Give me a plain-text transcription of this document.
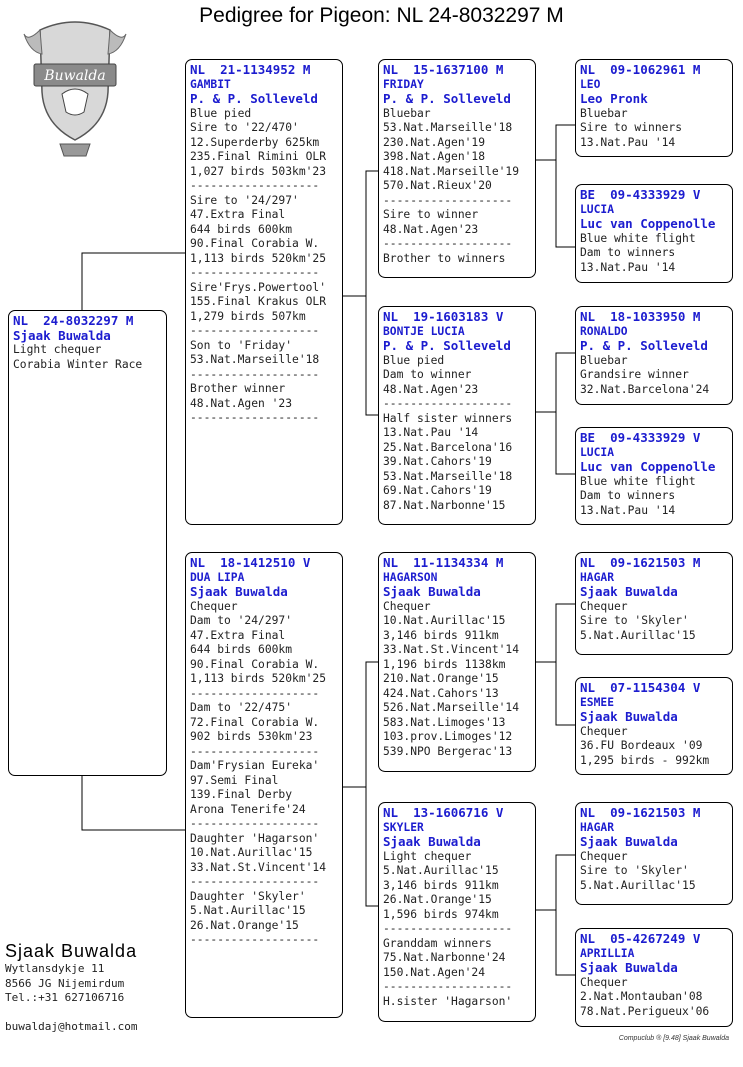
Pedigree for Pigeon: NL 24-8032297 M
Buwalda
NL  24-8032297 M
Sjaak Buwalda
Light chequer
Corabia Winter Race
NL  21-1134952 M
GAMBIT
P. & P. Solleveld
Blue pied
Sire to '22/470'
12.Superderby 625km
235.Final Rimini OLR
1,027 birds 503km'23
-------------------
Sire to '24/297'
47.Extra Final
644 birds 600km
90.Final Corabia W.
1,113 birds 520km'25
-------------------
Sire'Frys.Powertool'
155.Final Krakus OLR
1,279 birds 507km
-------------------
Son to 'Friday'
53.Nat.Marseille'18
-------------------
Brother winner
48.Nat.Agen '23
-------------------
NL  18-1412510 V
DUA LIPA
Sjaak Buwalda
Chequer
Dam to '24/297'
47.Extra Final
644 birds 600km
90.Final Corabia W.
1,113 birds 520km'25
-------------------
Dam to '22/475'
72.Final Corabia W.
902 birds 530km'23
-------------------
Dam'Frysian Eureka'
97.Semi Final
139.Final Derby
Arona Tenerife'24
-------------------
Daughter 'Hagarson'
10.Nat.Aurillac'15
33.Nat.St.Vincent'14
-------------------
Daughter 'Skyler'
5.Nat.Aurillac'15
26.Nat.Orange'15
-------------------
NL  15-1637100 M
FRIDAY
P. & P. Solleveld
Bluebar
53.Nat.Marseille'18
230.Nat.Agen'19
398.Nat.Agen'18
418.Nat.Marseille'19
570.Nat.Rieux'20
-------------------
Sire to winner
48.Nat.Agen'23
-------------------
Brother to winners
NL  19-1603183 V
BONTJE LUCIA
P. & P. Solleveld
Blue pied
Dam to winner
48.Nat.Agen'23
-------------------
Half sister winners
13.Nat.Pau '14
25.Nat.Barcelona'16
39.Nat.Cahors'19
53.Nat.Marseille'18
69.Nat.Cahors'19
87.Nat.Narbonne'15
NL  11-1134334 M
HAGARSON
Sjaak Buwalda
Chequer
10.Nat.Aurillac'15
3,146 birds 911km
33.Nat.St.Vincent'14
1,196 birds 1138km
210.Nat.Orange'15
424.Nat.Cahors'13
526.Nat.Marseille'14
583.Nat.Limoges'13
103.prov.Limoges'12
539.NPO Bergerac'13
NL  13-1606716 V
SKYLER
Sjaak Buwalda
Light chequer
5.Nat.Aurillac'15
3,146 birds 911km
26.Nat.Orange'15
1,596 birds 974km
-------------------
Granddam winners
75.Nat.Narbonne'24
150.Nat.Agen'24
-------------------
H.sister 'Hagarson'
NL  09-1062961 M
LEO
Leo Pronk
Bluebar
Sire to winners
13.Nat.Pau '14
BE  09-4333929 V
LUCIA
Luc van Coppenolle
Blue white flight
Dam to winners
13.Nat.Pau '14
NL  18-1033950 M
RONALDO
P. & P. Solleveld
Bluebar
Grandsire winner
32.Nat.Barcelona'24
BE  09-4333929 V
LUCIA
Luc van Coppenolle
Blue white flight
Dam to winners
13.Nat.Pau '14
NL  09-1621503 M
HAGAR
Sjaak Buwalda
Chequer
Sire to 'Skyler'
5.Nat.Aurillac'15
NL  07-1154304 V
ESMEE
Sjaak Buwalda
Chequer
36.FU Bordeaux '09
1,295 birds - 992km
NL  09-1621503 M
HAGAR
Sjaak Buwalda
Chequer
Sire to 'Skyler'
5.Nat.Aurillac'15
NL  05-4267249 V
APRILLIA
Sjaak Buwalda
Chequer
2.Nat.Montauban'08
78.Nat.Perigueux'06
Sjaak Buwalda
Wytlansdykje 11
8566 JG Nijemirdum
Tel.:+31 627106716
buwaldaj@hotmail.com
Compuclub ® [9.48] Sjaak Buwalda
